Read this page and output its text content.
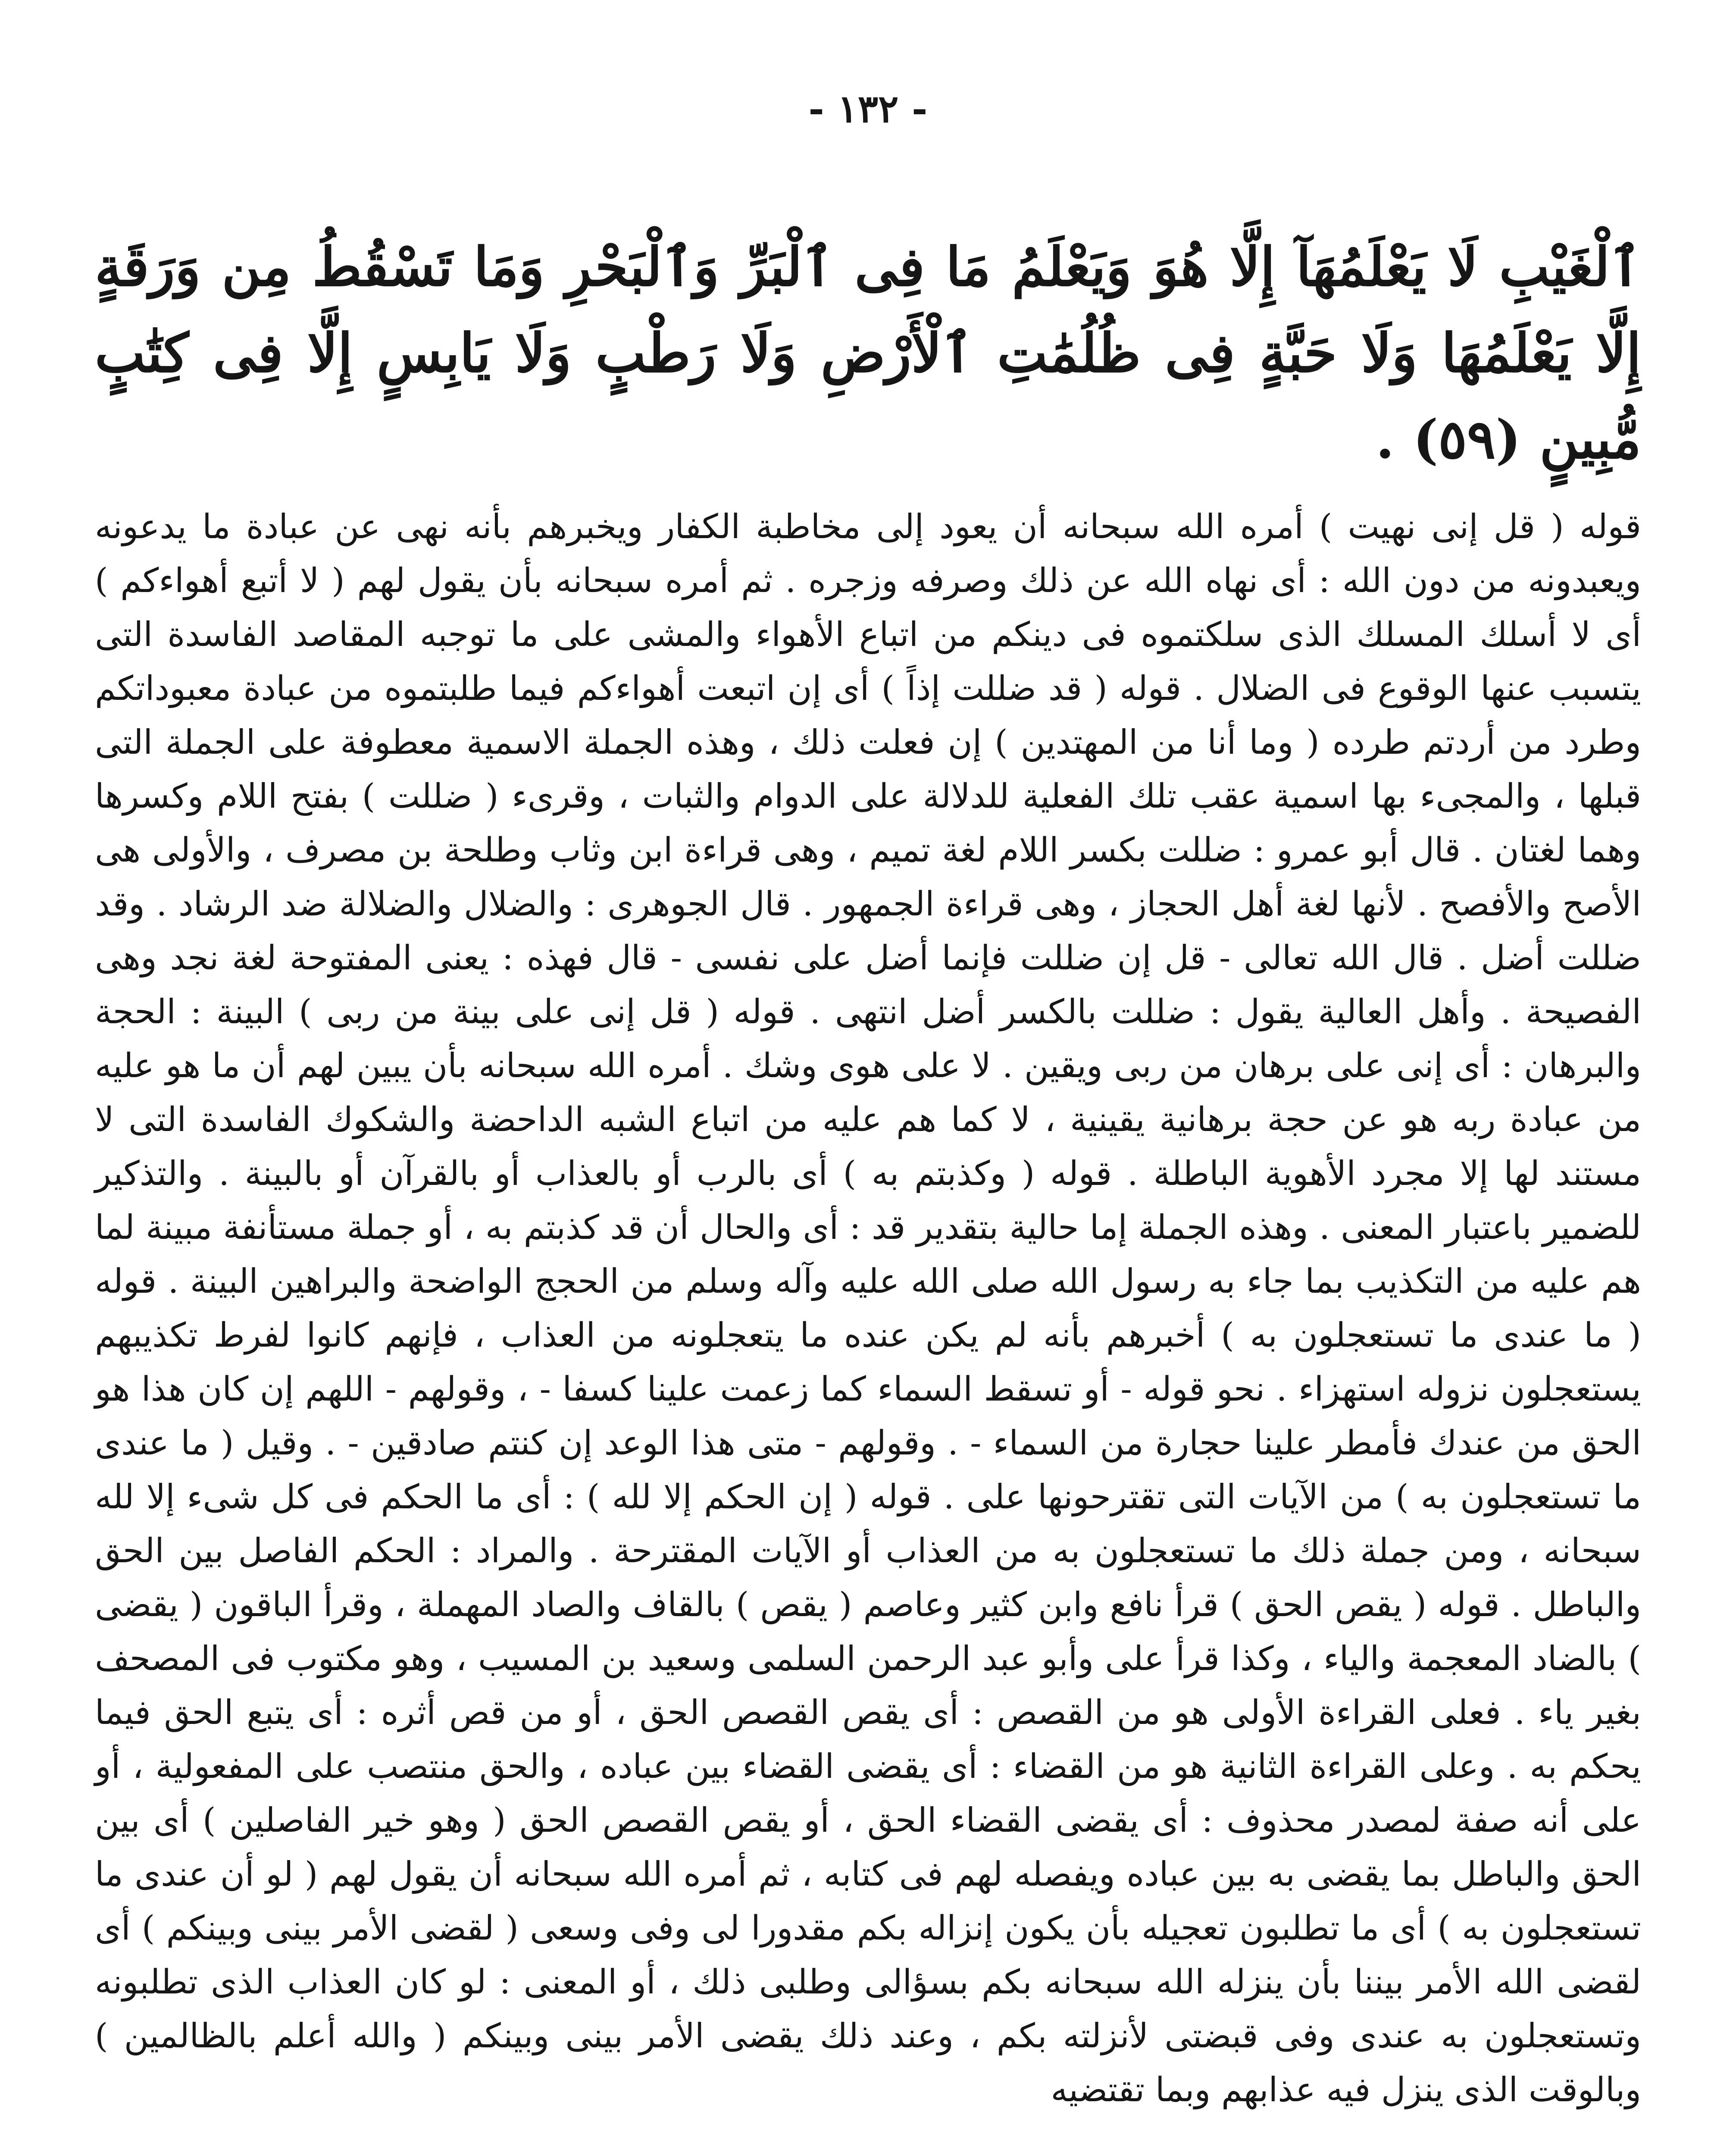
- ١٣٢ -
ٱلْغَيْبِ لَا يَعْلَمُهَآ إِلَّا هُوَ وَيَعْلَمُ مَا فِى ٱلْبَرِّ وَٱلْبَحْرِ وَمَا تَسْقُطُ مِن وَرَقَةٍ إِلَّا يَعْلَمُهَا وَلَا حَبَّةٍ فِى ظُلُمَٰتِ ٱلْأَرْضِ وَلَا رَطْبٍ وَلَا يَابِسٍ إِلَّا فِى كِتَٰبٍ مُّبِينٍ (٥٩) .

قوله ( قل إنى نهيت ) أمره الله سبحانه أن يعود إلى مخاطبة الكفار ويخبرهم بأنه نهى عن عبادة ما يدعونه ويعبدونه من دون الله : أى نهاه الله عن ذلك وصرفه وزجره . ثم أمره سبحانه بأن يقول لهم ( لا أتبع أهواءكم ) أى لا أسلك المسلك الذى سلكتموه فى دينكم من اتباع الأهواء والمشى على ما توجبه المقاصد الفاسدة التى يتسبب عنها الوقوع فى الضلال . قوله ( قد ضللت إذاً ) أى إن اتبعت أهواءكم فيما طلبتموه من عبادة معبوداتكم وطرد من أردتم طرده ( وما أنا من المهتدين ) إن فعلت ذلك ، وهذه الجملة الاسمية معطوفة على الجملة التى قبلها ، والمجىء بها اسمية عقب تلك الفعلية للدلالة على الدوام والثبات ، وقرىء ( ضللت ) بفتح اللام وكسرها وهما لغتان . قال أبو عمرو : ضللت بكسر اللام لغة تميم ، وهى قراءة ابن وثاب وطلحة بن مصرف ، والأولى هى الأصح والأفصح . لأنها لغة أهل الحجاز ، وهى قراءة الجمهور . قال الجوهرى : والضلال والضلالة ضد الرشاد . وقد ضللت أضل . قال الله تعالى - قل إن ضللت فإنما أضل على نفسى - قال فهذه : يعنى المفتوحة لغة نجد وهى الفصيحة . وأهل العالية يقول : ضللت بالكسر أضل انتهى . قوله ( قل إنى على بينة من ربى ) البينة : الحجة والبرهان : أى إنى على برهان من ربى ويقين . لا على هوى وشك . أمره الله سبحانه بأن يبين لهم أن ما هو عليه من عبادة ربه هو عن حجة برهانية يقينية ، لا كما هم عليه من اتباع الشبه الداحضة والشكوك الفاسدة التى لا مستند لها إلا مجرد الأهوية الباطلة . قوله ( وكذبتم به ) أى بالرب أو بالعذاب أو بالقرآن أو بالبينة . والتذكير للضمير باعتبار المعنى . وهذه الجملة إما حالية بتقدير قد : أى والحال أن قد كذبتم به ، أو جملة مستأنفة مبينة لما هم عليه من التكذيب بما جاء به رسول الله صلى الله عليه وآله وسلم من الحجج الواضحة والبراهين البينة . قوله ( ما عندى ما تستعجلون به ) أخبرهم بأنه لم يكن عنده ما يتعجلونه من العذاب ، فإنهم كانوا لفرط تكذيبهم يستعجلون نزوله استهزاء . نحو قوله - أو تسقط السماء كما زعمت علينا كسفا - ، وقولهم - اللهم إن كان هذا هو الحق من عندك فأمطر علينا حجارة من السماء - . وقولهم - متى هذا الوعد إن كنتم صادقين - . وقيل ( ما عندى ما تستعجلون به ) من الآيات التى تقترحونها على . قوله ( إن الحكم إلا لله ) : أى ما الحكم فى كل شىء إلا لله سبحانه ، ومن جملة ذلك ما تستعجلون به من العذاب أو الآيات المقترحة . والمراد : الحكم الفاصل بين الحق والباطل . قوله ( يقص الحق ) قرأ نافع وابن كثير وعاصم ( يقص ) بالقاف والصاد المهملة ، وقرأ الباقون ( يقضى ) بالضاد المعجمة والياء ، وكذا قرأ على وأبو عبد الرحمن السلمى وسعيد بن المسيب ، وهو مكتوب فى المصحف بغير ياء . فعلى القراءة الأولى هو من القصص : أى يقص القصص الحق ، أو من قص أثره : أى يتبع الحق فيما يحكم به . وعلى القراءة الثانية هو من القضاء : أى يقضى القضاء بين عباده ، والحق منتصب على المفعولية ، أو على أنه صفة لمصدر محذوف : أى يقضى القضاء الحق ، أو يقص القصص الحق ( وهو خير الفاصلين ) أى بين الحق والباطل بما يقضى به بين عباده ويفصله لهم فى كتابه ، ثم أمره الله سبحانه أن يقول لهم ( لو أن عندى ما تستعجلون به ) أى ما تطلبون تعجيله بأن يكون إنزاله بكم مقدورا لى وفى وسعى ( لقضى الأمر بينى وبينكم ) أى لقضى الله الأمر بيننا بأن ينزله الله سبحانه بكم بسؤالى وطلبى ذلك ، أو المعنى : لو كان العذاب الذى تطلبونه وتستعجلون به عندى وفى قبضتى لأنزلته بكم ، وعند ذلك يقضى الأمر بينى وبينكم ( والله أعلم بالظالمين ) وبالوقت الذى ينزل فيه عذابهم وبما تقتضيه
